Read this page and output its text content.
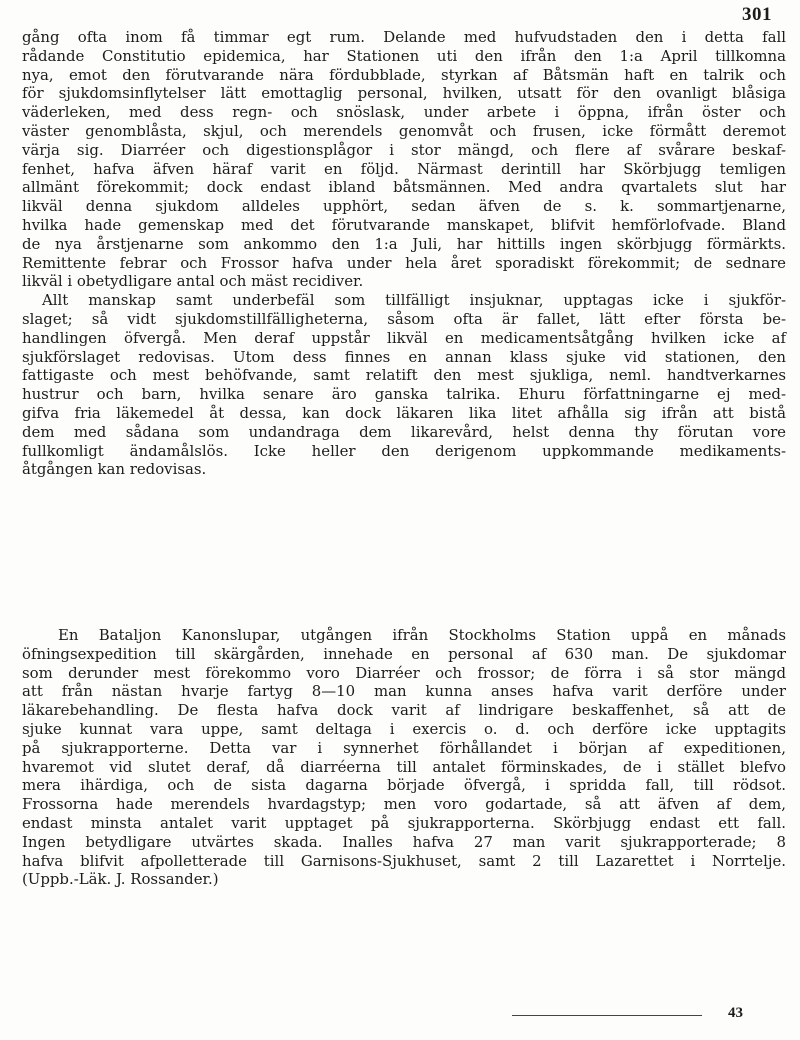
301
gång ofta inom få timmar egt rum. Delande med hufvudstaden den i detta fall
rådande Constitutio epidemica, har Stationen uti den ifrån den 1:a April tillkomna
nya, emot den förutvarande nära fördubblade, styrkan af Båtsmän haft en talrik och
för sjukdomsinflytelser lätt emottaglig personal, hvilken, utsatt för den ovanligt blåsiga
väderleken, med dess regn- och snöslask, under arbete i öppna, ifrån öster och
väster genomblåsta, skjul, och merendels genomvåt och frusen, icke förmått deremot
värja sig. Diarréer och digestionsplågor i stor mängd, och flere af svårare beskaf-
fenhet, hafva äfven häraf varit en följd. Närmast derintill har Skörbjugg temligen
allmänt förekommit; dock endast ibland båtsmännen. Med andra qvartalets slut har
likväl denna sjukdom alldeles upphört, sedan äfven de s. k. sommartjenarne,
hvilka hade gemenskap med det förutvarande manskapet, blifvit hemförlofvade. Bland
de nya årstjenarne som ankommo den 1:a Juli, har hittills ingen skörbjugg förmärkts.
Remittente febrar och Frossor hafva under hela året sporadiskt förekommit; de sednare
likväl i obetydligare antal och mäst recidiver.
Allt manskap samt underbefäl som tillfälligt insjuknar, upptagas icke i sjukför-
slaget; så vidt sjukdomstillfälligheterna, såsom ofta är fallet, lätt efter första be-
handlingen öfvergå. Men deraf uppstår likväl en medicamentsåtgång hvilken icke af
sjukförslaget redovisas. Utom dess finnes en annan klass sjuke vid stationen, den
fattigaste och mest behöfvande, samt relatift den mest sjukliga, neml. handtverkarnes
hustrur och barn, hvilka senare äro ganska talrika. Ehuru författningarne ej med-
gifva fria läkemedel åt dessa, kan dock läkaren lika litet afhålla sig ifrån att bistå
dem med sådana som undandraga dem likarevård, helst denna thy förutan vore
fullkomligt ändamålslös. Icke heller den derigenom uppkommande medikaments-
åtgången kan redovisas.
En Bataljon Kanonslupar, utgången ifrån Stockholms Station uppå en månads
öfningsexpedition till skärgården, innehade en personal af 630 man. De sjukdomar
som derunder mest förekommo voro Diarréer och frossor; de förra i så stor mängd
att från nästan hvarje fartyg 8—10 man kunna anses hafva varit derföre under
läkarebehandling. De flesta hafva dock varit af lindrigare beskaffenhet, så att de
sjuke kunnat vara uppe, samt deltaga i exercis o. d. och derföre icke upptagits
på sjukrapporterne. Detta var i synnerhet förhållandet i början af expeditionen,
hvaremot vid slutet deraf, då diarréerna till antalet förminskades, de i stället blefvo
mera ihärdiga, och de sista dagarna började öfvergå, i spridda fall, till rödsot.
Frossorna hade merendels hvardagstyp; men voro godartade, så att äfven af dem,
endast minsta antalet varit upptaget på sjukrapporterna. Skörbjugg endast ett fall.
Ingen betydligare utvärtes skada. Inalles hafva 27 man varit sjukrapporterade; 8
hafva blifvit afpolletterade till Garnisons-Sjukhuset, samt 2 till Lazarettet i Norrtelje.
(Uppb.-Läk. J. Rossander.)
43
